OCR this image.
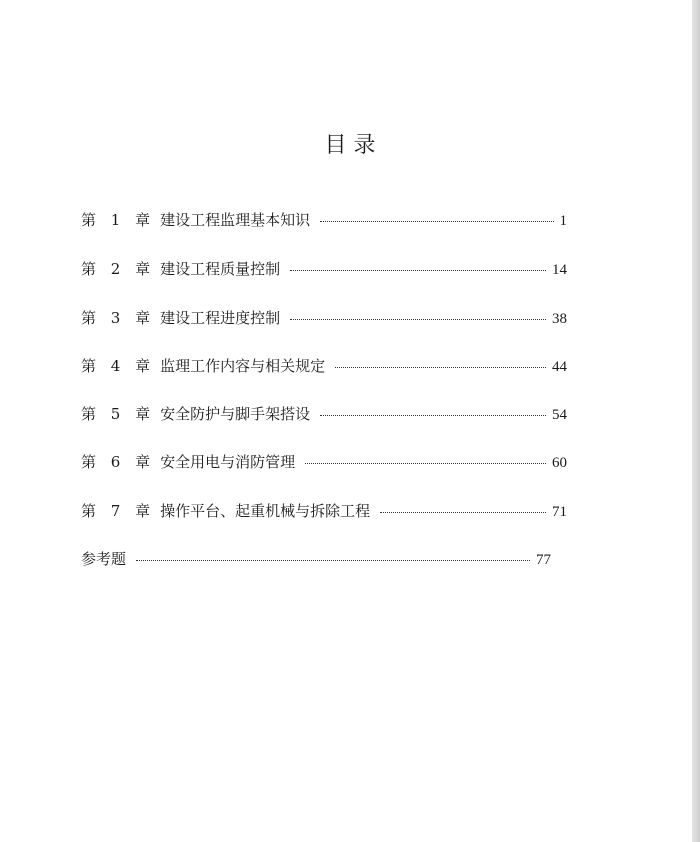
目 录
第 1 章 建设工程监理基本知识	1
第 2 章 建设工程质量控制	14
第 3 章 建设工程进度控制	38
第 4 章 监理工作内容与相关规定	44
第 5 章 安全防护与脚手架搭设	54
第 6 章 安全用电与消防管理	60
第 7 章 操作平台、起重机械与拆除工程	71
参考题	77
